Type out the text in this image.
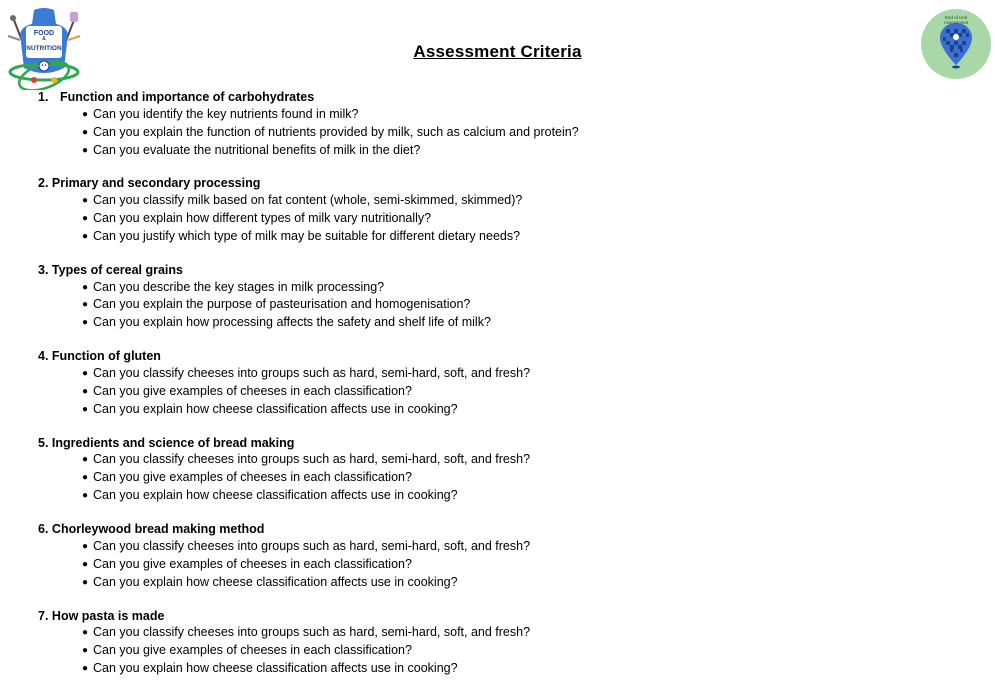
FOOD
&
NUTRITION
End of Unit Assessment
Assessment Criteria
1. Function and importance of carbohydrates
● Can you identify the key nutrients found in milk?
● Can you explain the function of nutrients provided by milk, such as calcium and protein?
● Can you evaluate the nutritional benefits of milk in the diet?
2. Primary and secondary processing
● Can you classify milk based on fat content (whole, semi-skimmed, skimmed)?
● Can you explain how different types of milk vary nutritionally?
● Can you justify which type of milk may be suitable for different dietary needs?
3. Types of cereal grains
● Can you describe the key stages in milk processing?
● Can you explain the purpose of pasteurisation and homogenisation?
● Can you explain how processing affects the safety and shelf life of milk?
4. Function of gluten
● Can you classify cheeses into groups such as hard, semi-hard, soft, and fresh?
● Can you give examples of cheeses in each classification?
● Can you explain how cheese classification affects use in cooking?
5. Ingredients and science of bread making
● Can you classify cheeses into groups such as hard, semi-hard, soft, and fresh?
● Can you give examples of cheeses in each classification?
● Can you explain how cheese classification affects use in cooking?
6. Chorleywood bread making method
● Can you classify cheeses into groups such as hard, semi-hard, soft, and fresh?
● Can you give examples of cheeses in each classification?
● Can you explain how cheese classification affects use in cooking?
7. How pasta is made
● Can you classify cheeses into groups such as hard, semi-hard, soft, and fresh?
● Can you give examples of cheeses in each classification?
● Can you explain how cheese classification affects use in cooking?
